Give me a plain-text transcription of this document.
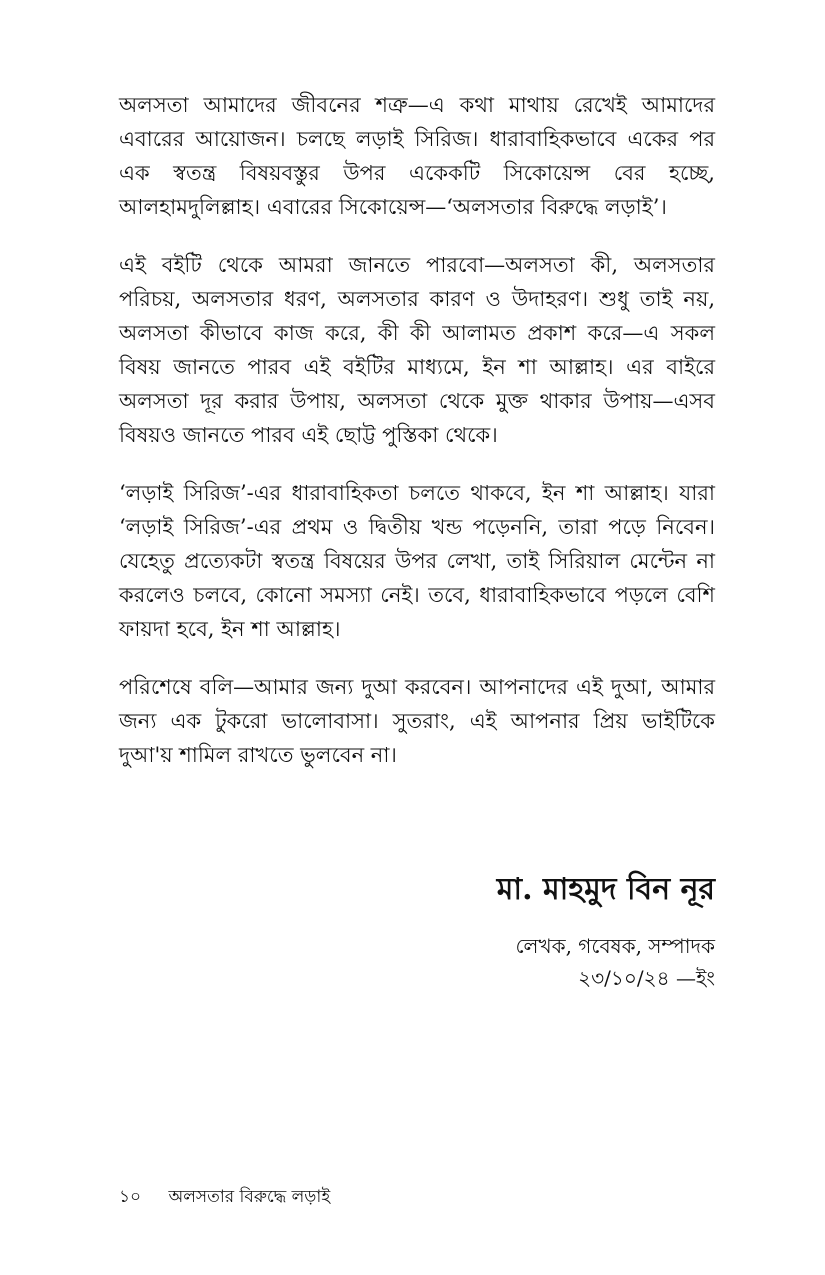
অলসতা আমাদের জীবনের শত্রু—এ কথা মাথায় রেখেই আমাদের এবারের আয়োজন। চলছে লড়াই সিরিজ। ধারাবাহিকভাবে একের পর এক স্বতন্ত্র বিষয়বস্তুর উপর একেকটি সিকোয়েন্স বের হচ্ছে, আলহামদুলিল্লাহ। এবারের সিকোয়েন্স—‘অলসতার বিরুদ্ধে লড়াই’।

এই বইটি থেকে আমরা জানতে পারবো—অলসতা কী, অলসতার পরিচয়, অলসতার ধরণ, অলসতার কারণ ও উদাহরণ। শুধু তাই নয়, অলসতা কীভাবে কাজ করে, কী কী আলামত প্রকাশ করে—এ সকল বিষয় জানতে পারব এই বইটির মাধ্যমে, ইন শা আল্লাহ। এর বাইরে অলসতা দূর করার উপায়, অলসতা থেকে মুক্ত থাকার উপায়—এসব বিষয়ও জানতে পারব এই ছোট্ট পুস্তিকা থেকে।

‘লড়াই সিরিজ’-এর ধারাবাহিকতা চলতে থাকবে, ইন শা আল্লাহ। যারা ‘লড়াই সিরিজ’-এর প্রথম ও দ্বিতীয় খন্ড পড়েননি, তারা পড়ে নিবেন। যেহেতু প্রত্যেকটা স্বতন্ত্র বিষয়ের উপর লেখা, তাই সিরিয়াল মেন্টেন না করলেও চলবে, কোনো সমস্যা নেই। তবে, ধারাবাহিকভাবে পড়লে বেশি ফায়দা হবে, ইন শা আল্লাহ।

পরিশেষে বলি—আমার জন্য দুআ করবেন। আপনাদের এই দুআ, আমার জন্য এক টুকরো ভালোবাসা। সুতরাং, এই আপনার প্রিয় ভাইটিকে দুআ'য় শামিল রাখতে ভুলবেন না।

মা. মাহমুদ বিন নূর

লেখক, গবেষক, সম্পাদক

২৩/১০/২৪ —ইং

১০ অলসতার বিরুদ্ধে লড়াই
